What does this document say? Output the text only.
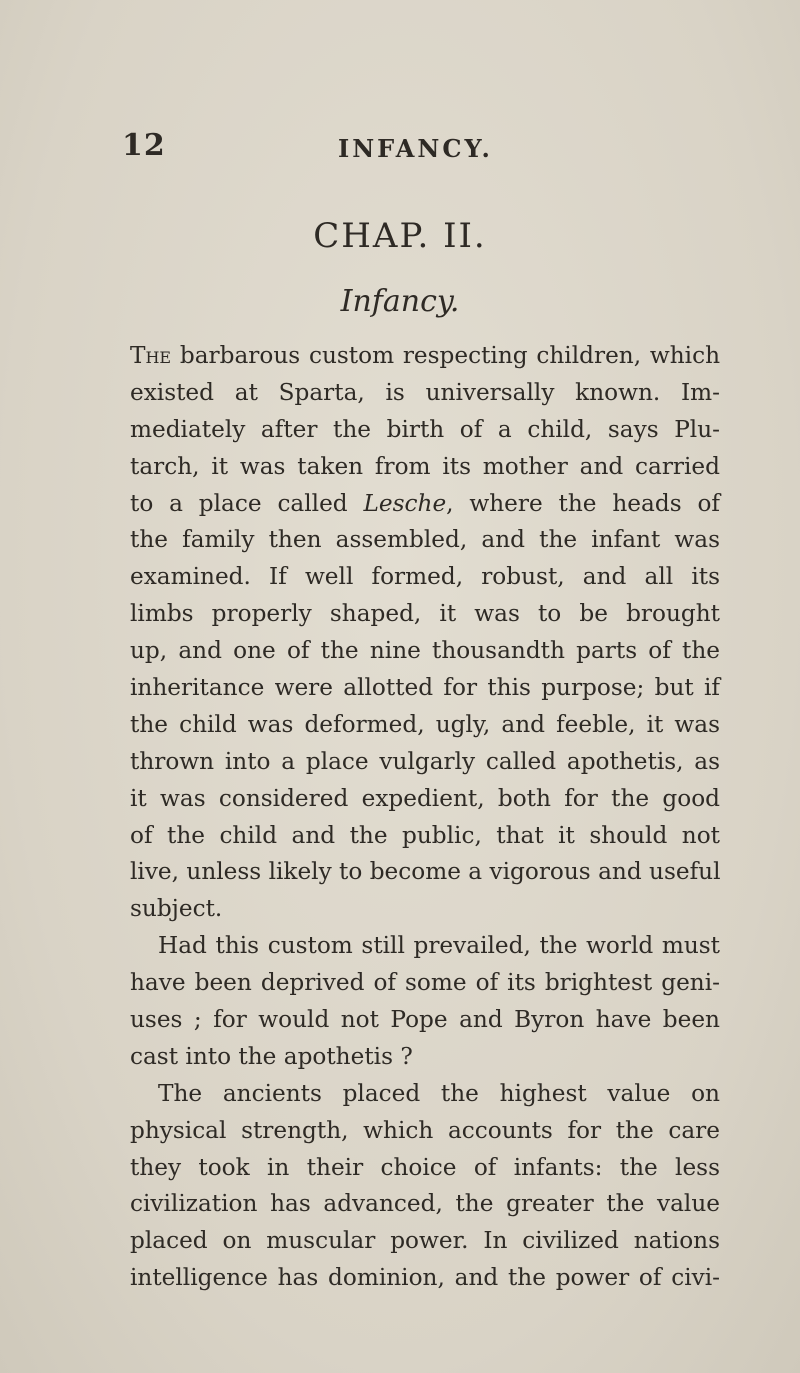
12	INFANCY.
CHAP. II.
Infancy.
The barbarous custom respecting children, which
existed at Sparta, is universally known. Im-
mediately after the birth of a child, says Plu-
tarch, it was taken from its mother and carried
to a place called Lesche, where the heads of
the family then assembled, and the infant was
examined. If well formed, robust, and all its
limbs properly shaped, it was to be brought
up, and one of the nine thousandth parts of the
inheritance were allotted for this purpose; but if
the child was deformed, ugly, and feeble, it was
thrown into a place vulgarly called apothetis, as
it was considered expedient, both for the good
of the child and the public, that it should not
live, unless likely to become a vigorous and useful
subject.
Had this custom still prevailed, the world must
have been deprived of some of its brightest geni-
uses ; for would not Pope and Byron have been
cast into the apothetis ?
The ancients placed the highest value on
physical strength, which accounts for the care
they took in their choice of infants: the less
civilization has advanced, the greater the value
placed on muscular power. In civilized nations
intelligence has dominion, and the power of civi-
